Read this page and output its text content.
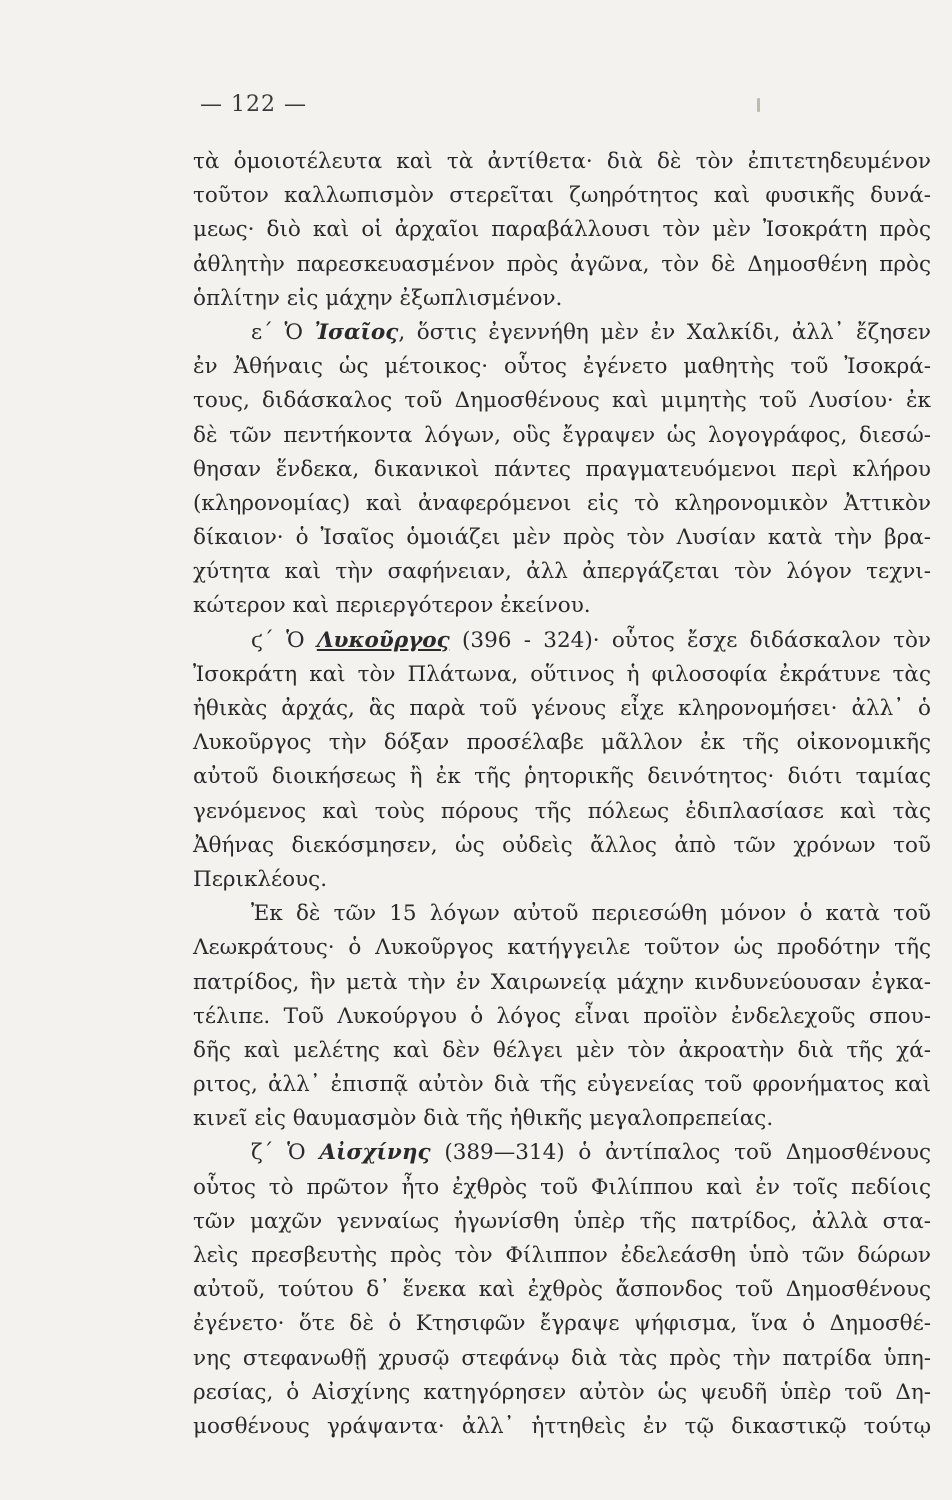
— 122 —
τὰ ὁμοιοτέλευτα καὶ τὰ ἀντίθετα· διὰ δὲ τὸν ἐπιτετηδευμένον
τοῦτον καλλωπισμὸν στερεῖται ζωηρότητος καὶ φυσικῆς δυνά-
μεως· διὸ καὶ οἱ ἀρχαῖοι παραβάλλουσι τὸν μὲν Ἰσοκράτη πρὸς
ἀθλητὴν παρεσκευασμένον πρὸς ἀγῶνα, τὸν δὲ Δημοσθένη πρὸς
ὁπλίτην εἰς μάχην ἐξωπλισμένον.
ε΄ Ὁ Ἰσαῖος, ὅστις ἐγεννήθη μὲν ἐν Χαλκίδι, ἀλλ᾽ ἔζησεν
ἐν Ἀθήναις ὡς μέτοικος· οὗτος ἐγένετο μαθητὴς τοῦ Ἰσοκρά-
τους, διδάσκαλος τοῦ Δημοσθένους καὶ μιμητὴς τοῦ Λυσίου· ἐκ
δὲ τῶν πεντήκοντα λόγων, οὓς ἔγραψεν ὡς λογογράφος, διεσώ-
θησαν ἕνδεκα, δικανικοὶ πάντες πραγματευόμενοι περὶ κλήρου
(κληρονομίας) καὶ ἀναφερόμενοι εἰς τὸ κληρονομικὸν Ἀττικὸν
δίκαιον· ὁ Ἰσαῖος ὁμοιάζει μὲν πρὸς τὸν Λυσίαν κατὰ τὴν βρα-
χύτητα καὶ τὴν σαφήνειαν, ἀλλ ἀπεργάζεται τὸν λόγον τεχνι-
κώτερον καὶ περιεργότερον ἐκείνου.
ϛ΄ Ὁ Λυκοῦργος (396 - 324)· οὗτος ἔσχε διδάσκαλον τὸν
Ἰσοκράτη καὶ τὸν Πλάτωνα, οὕτινος ἡ φιλοσοφία ἐκράτυνε τὰς
ἠθικὰς ἀρχάς, ἃς παρὰ τοῦ γένους εἶχε κληρονομήσει· ἀλλ᾽ ὁ
Λυκοῦργος τὴν δόξαν προσέλαβε μᾶλλον ἐκ τῆς οἰκονομικῆς
αὐτοῦ διοικήσεως ἢ ἐκ τῆς ῥητορικῆς δεινότητος· διότι ταμίας
γενόμενος καὶ τοὺς πόρους τῆς πόλεως ἐδιπλασίασε καὶ τὰς
Ἀθήνας διεκόσμησεν, ὡς οὐδεὶς ἄλλος ἀπὸ τῶν χρόνων τοῦ
Περικλέους.
Ἐκ δὲ τῶν 15 λόγων αὐτοῦ περιεσώθη μόνον ὁ κατὰ τοῦ
Λεωκράτους· ὁ Λυκοῦργος κατήγγειλε τοῦτον ὡς προδότην τῆς
πατρίδος, ἣν μετὰ τὴν ἐν Χαιρωνείᾳ μάχην κινδυνεύουσαν ἐγκα-
τέλιπε. Τοῦ Λυκούργου ὁ λόγος εἶναι προϊὸν ἐνδελεχοῦς σπου-
δῆς καὶ μελέτης καὶ δὲν θέλγει μὲν τὸν ἀκροατὴν διὰ τῆς χά-
ριτος, ἀλλ᾽ ἐπισπᾷ αὐτὸν διὰ τῆς εὐγενείας τοῦ φρονήματος καὶ
κινεῖ εἰς θαυμασμὸν διὰ τῆς ἠθικῆς μεγαλοπρεπείας.
ζ΄ Ὁ Αἰσχίνης (389—314) ὁ ἀντίπαλος τοῦ Δημοσθένους
οὗτος τὸ πρῶτον ἦτο ἐχθρὸς τοῦ Φιλίππου καὶ ἐν τοῖς πεδίοις
τῶν μαχῶν γενναίως ἠγωνίσθη ὑπὲρ τῆς πατρίδος, ἀλλὰ στα-
λεὶς πρεσβευτὴς πρὸς τὸν Φίλιππον ἐδελεάσθη ὑπὸ τῶν δώρων
αὐτοῦ, τούτου δ᾽ ἕνεκα καὶ ἐχθρὸς ἄσπονδος τοῦ Δημοσθένους
ἐγένετο· ὅτε δὲ ὁ Κτησιφῶν ἔγραψε ψήφισμα, ἵνα ὁ Δημοσθέ-
νης στεφανωθῇ χρυσῷ στεφάνῳ διὰ τὰς πρὸς τὴν πατρίδα ὑπη-
ρεσίας, ὁ Αἰσχίνης κατηγόρησεν αὐτὸν ὡς ψευδῆ ὑπὲρ τοῦ Δη-
μοσθένους γράψαντα· ἀλλ᾽ ἡττηθεὶς ἐν τῷ δικαστικῷ τούτῳ
